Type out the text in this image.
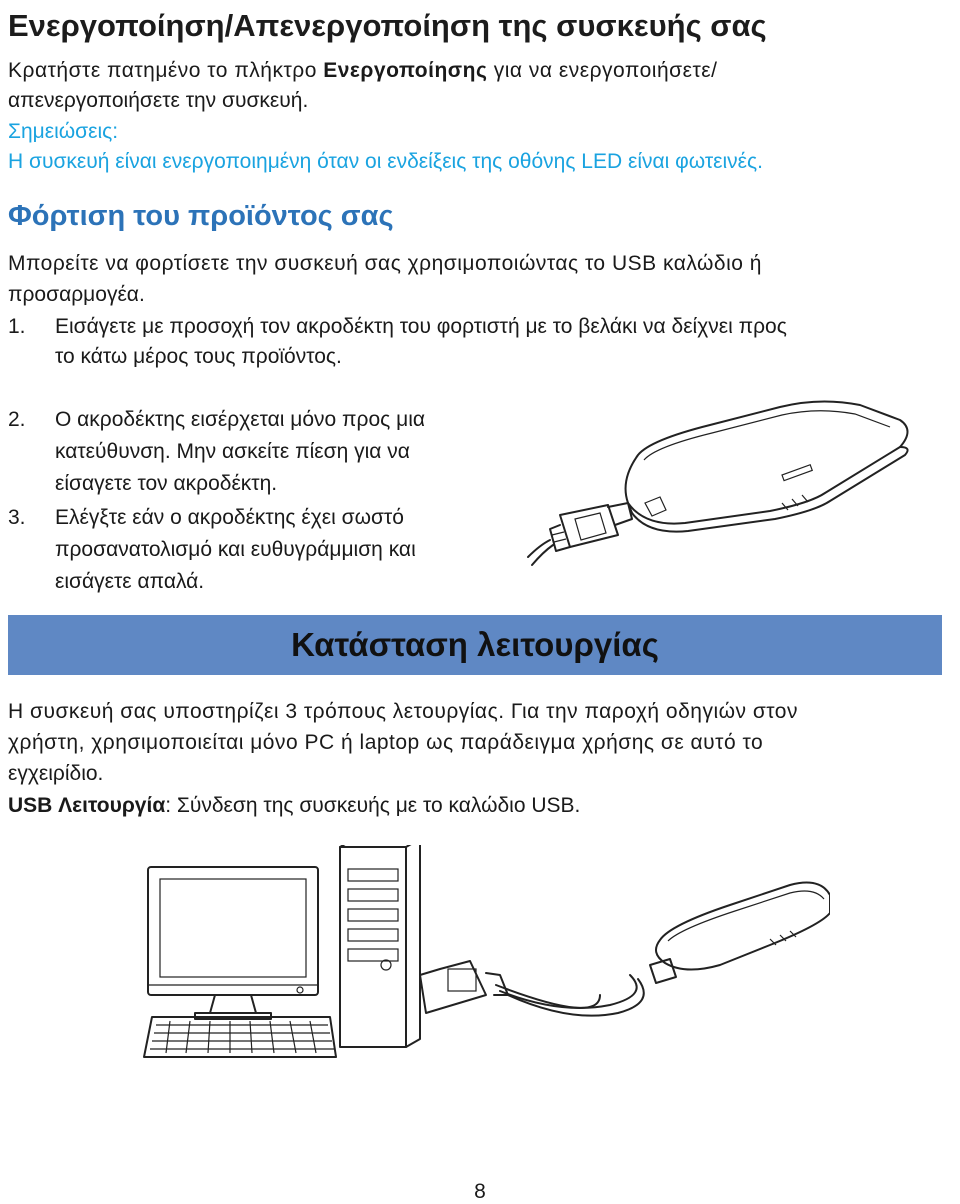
Ενεργοποίηση/Απενεργοποίηση της συσκευής σας
Κρατήστε πατημένο το πλήκτρο Ενεργοποίησης για να ενεργοποιήσετε/
απενεργοποιήσετε την συσκευή.
Σημειώσεις:
Η συσκευή είναι ενεργοποιημένη όταν οι ενδείξεις της οθόνης LED είναι φωτεινές.
Φόρτιση του προϊόντος σας
Μπορείτε να φορτίσετε την συσκευή σας χρησιμοποιώντας το USB καλώδιο ή
προσαρμογέα.
1. Εισάγετε με προσοχή τον ακροδέκτη του φορτιστή με το βελάκι να δείχνει προς
το κάτω μέρος τους προϊόντος.
2. Ο ακροδέκτης εισέρχεται μόνο προς μια
κατεύθυνση. Μην ασκείτε πίεση για να
είσαγετε τον ακροδέκτη.
3. Ελέγξτε εάν ο ακροδέκτης έχει σωστό
προσανατολισμό και ευθυγράμμιση και
εισάγετε απαλά.
Κατάσταση λειτουργίας
Η συσκευή σας υποστηρίζει 3 τρόπους λετουργίας. Για την παροχή οδηγιών στον
χρήστη, χρησιμοποιείται μόνο PC ή laptop ως παράδειγμα χρήσης σε αυτό το
εγχειρίδιο.
USB Λειτουργία: Σύνδεση της συσκευής με το καλώδιο USB.
8
